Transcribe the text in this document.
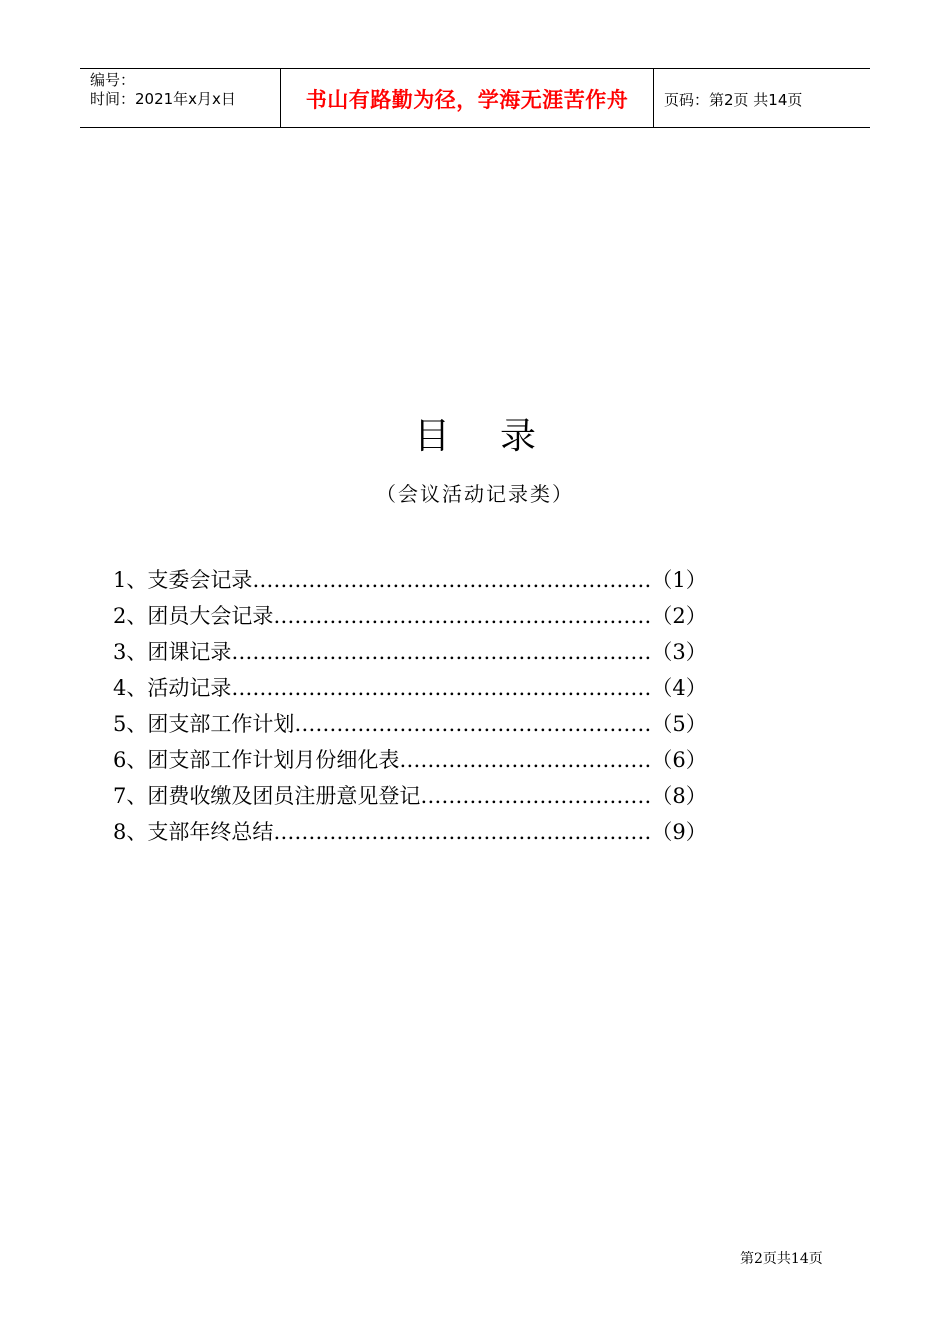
编号：
时间：2021年x月x日	书山有路勤为径，学海无涯苦作舟	页码：第2页 共14页
目 录
（会议活动记录类）
1、支委会记录…………………………………………………（1）
2、团员大会记录………………………………………………（2）
3、团课记录……………………………………………………（3）
4、活动记录……………………………………………………（4）
5、团支部工作计划……………………………………………（5）
6、团支部工作计划月份细化表………………………………（6）
7、团费收缴及团员注册意见登记……………………………（8）
8、支部年终总结………………………………………………（9）
第2页共14页
